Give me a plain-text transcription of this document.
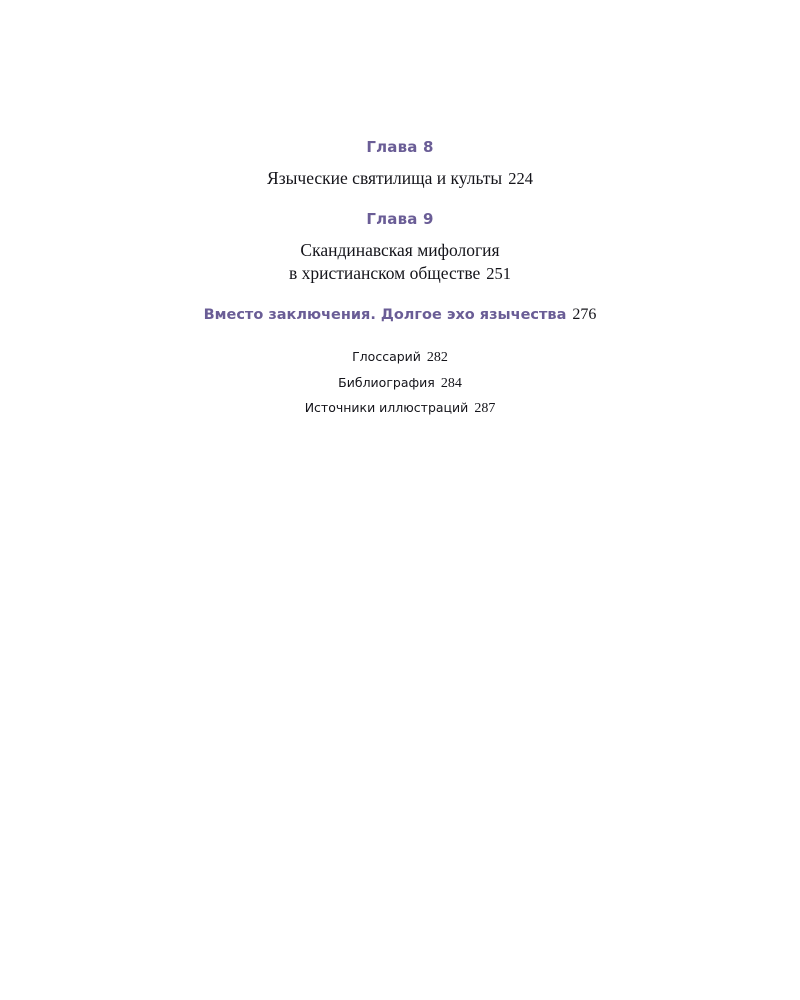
Глава 8

Языческие святилища и культы 224

Глава 9

Скандинавская мифология
в христианском обществе 251

Вместо заключения. Долгое эхо язычества 276

Глоссарий 282

Библиография 284

Источники иллюстраций 287
